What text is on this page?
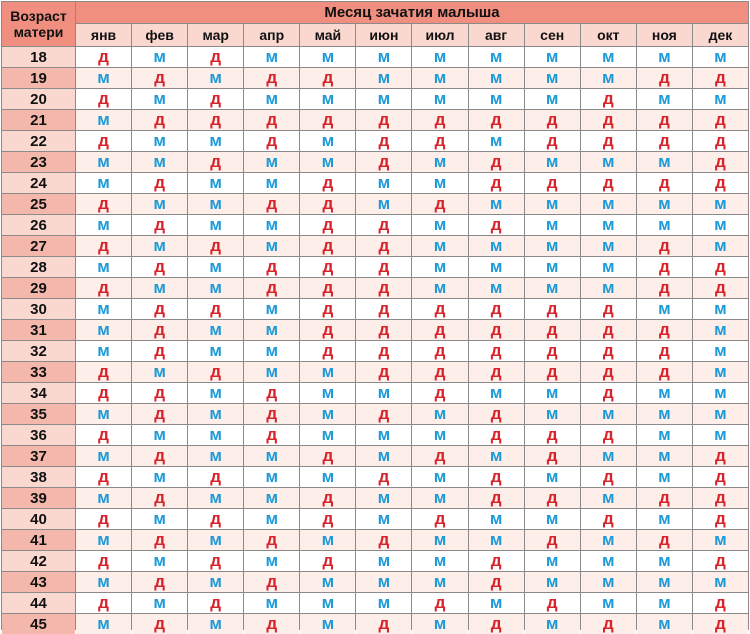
Возраст
матери
Месяц зачатия малыша
янв	фев	мар	апр	май	июн	июл	авг	сен	окт	ноя	дек
18	д	м	д	м	м	м	м	м	м	м	м	м
19	м	д	м	д	д	м	м	м	м	м	д	д
20	д	м	д	м	м	м	м	м	м	д	м	м
21	м	д	д	д	д	д	д	д	д	д	д	д
22	д	м	м	д	м	д	д	м	д	д	д	д
23	м	м	д	м	м	д	м	д	м	м	м	д
24	м	д	м	м	д	м	м	д	д	д	д	д
25	д	м	м	д	д	м	д	м	м	м	м	м
26	м	д	м	м	д	д	м	д	м	м	м	м
27	д	м	д	м	д	д	м	м	м	м	д	м
28	м	д	м	д	д	д	м	м	м	м	д	д
29	д	м	м	д	д	д	м	м	м	м	д	д
30	м	д	д	м	д	д	д	д	д	д	м	м
31	м	д	м	м	д	д	д	д	д	д	д	м
32	м	д	м	м	д	д	д	д	д	д	д	м
33	д	м	д	м	м	д	д	д	д	д	д	м
34	д	д	м	д	м	м	д	м	м	д	м	м
35	м	д	м	д	м	д	м	д	м	м	м	м
36	д	м	м	д	м	м	м	д	д	д	м	м
37	м	д	м	м	д	м	д	м	д	м	м	д
38	д	м	д	м	м	д	м	д	м	д	м	д
39	м	д	м	м	д	м	м	д	д	м	д	д
40	д	м	д	м	д	м	д	м	м	д	м	д
41	м	д	м	д	м	д	м	м	д	м	д	м
42	д	м	д	м	д	м	м	д	м	м	м	д
43	м	д	м	д	м	м	м	д	м	м	м	м
44	д	м	д	м	м	м	д	м	д	м	м	д
45	м	д	м	д	м	д	м	д	м	д	м	д
